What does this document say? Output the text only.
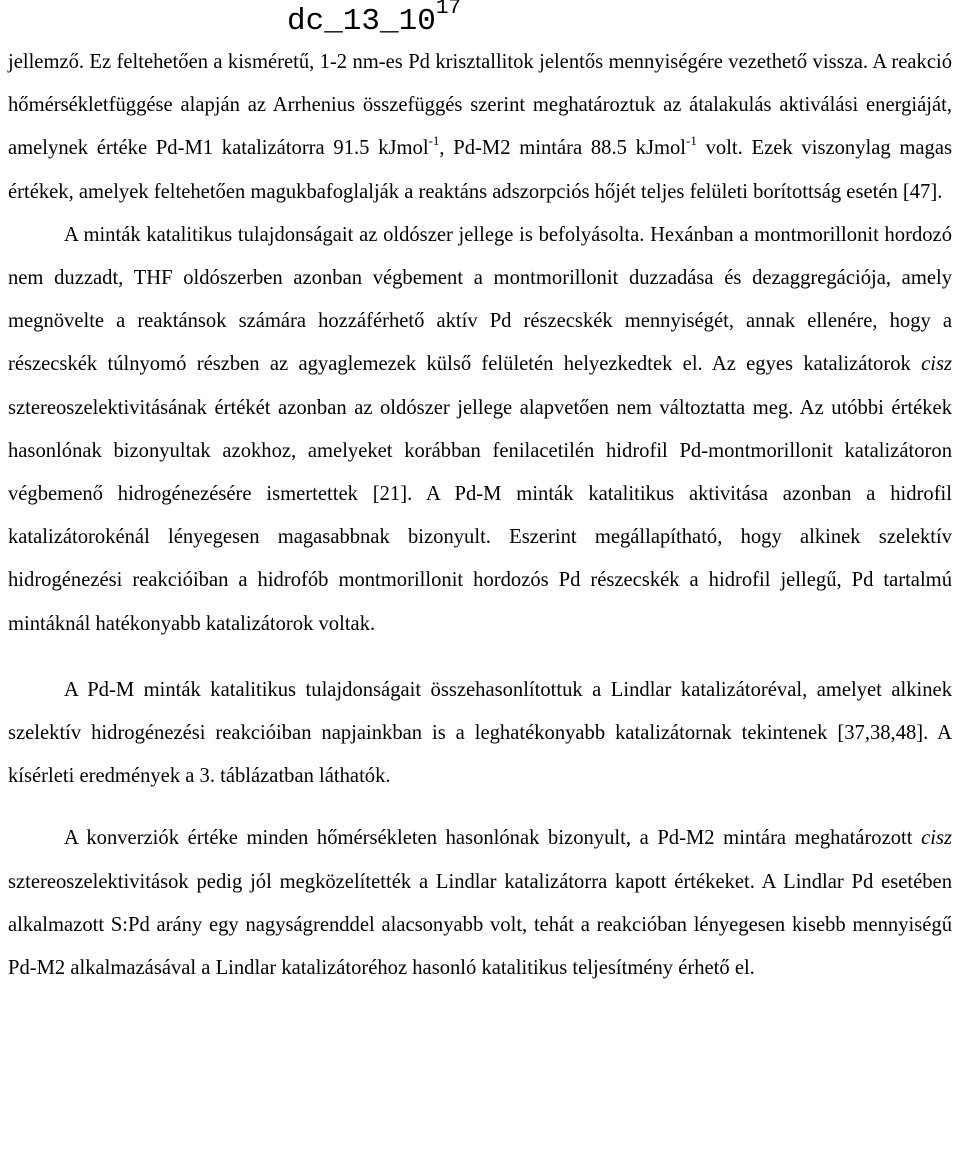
$dc\_13\_10^{17}$

jellemző. Ez feltehetően a kisméretű, 1-2 nm-es Pd krisztallitok jelentős mennyiségére vezethető vissza. A reakció hőmérsékletfüggése alapján az Arrhenius összefüggés szerint meghatároztuk az átalakulás aktiválási energiáját, amelynek értéke Pd-M1 katalizátorra 91.5 kJmol$^{-1}$, Pd-M2 mintára 88.5 kJmol$^{-1}$ volt. Ezek viszonylag magas értékek, amelyek feltehetően magukbafoglalják a reaktáns adszorpciós hőjét teljes felületi borítottság esetén [47].

A minták katalitikus tulajdonságait az oldószer jellege is befolyásolta. Hexánban a montmorillonit hordozó nem duzzadt, THF oldószerben azonban végbement a montmorillonit duzzadása és dezaggregációja, amely megnövelte a reaktánsok számára hozzáférhető aktív Pd részecskék mennyiségét, annak ellenére, hogy a részecskék túlnyomó részben az agyaglemezek külső felületén helyezkedtek el. Az egyes katalizátorok cisz sztereoszelektivitásának értékét azonban az oldószer jellege alapvetően nem változtatta meg. Az utóbbi értékek hasonlónak bizonyultak azokhoz, amelyeket korábban fenilacetilén hidrofil Pd-montmorillonit katalizátoron végbemenő hidrogénezésére ismertettek [21]. A Pd-M minták katalitikus aktivitása azonban a hidrofil katalizátorokénál lényegesen magasabbnak bizonyult. Eszerint megállapítható, hogy alkinek szelektív hidrogénezési reakcióiban a hidrofób montmorillonit hordozós Pd részecskék a hidrofil jellegű, Pd tartalmú mintáknál hatékonyabb katalizátorok voltak.

A Pd-M minták katalitikus tulajdonságait összehasonlítottuk a Lindlar katalizátoréval, amelyet alkinek szelektív hidrogénezési reakcióiban napjainkban is a leghatékonyabb katalizátornak tekintenek [37,38,48]. A kísérleti eredmények a 3. táblázatban láthatók.

A konverziók értéke minden hőmérsékleten hasonlónak bizonyult, a Pd-M2 mintára meghatározott cisz sztereoszelektivitások pedig jól megközelítették a Lindlar katalizátorra kapott értékeket. A Lindlar Pd esetében alkalmazott S:Pd arány egy nagyságrenddel alacsonyabb volt, tehát a reakcióban lényegesen kisebb mennyiségű Pd-M2 alkalmazásával a Lindlar katalizátoréhoz hasonló katalitikus teljesítmény érhető el.
